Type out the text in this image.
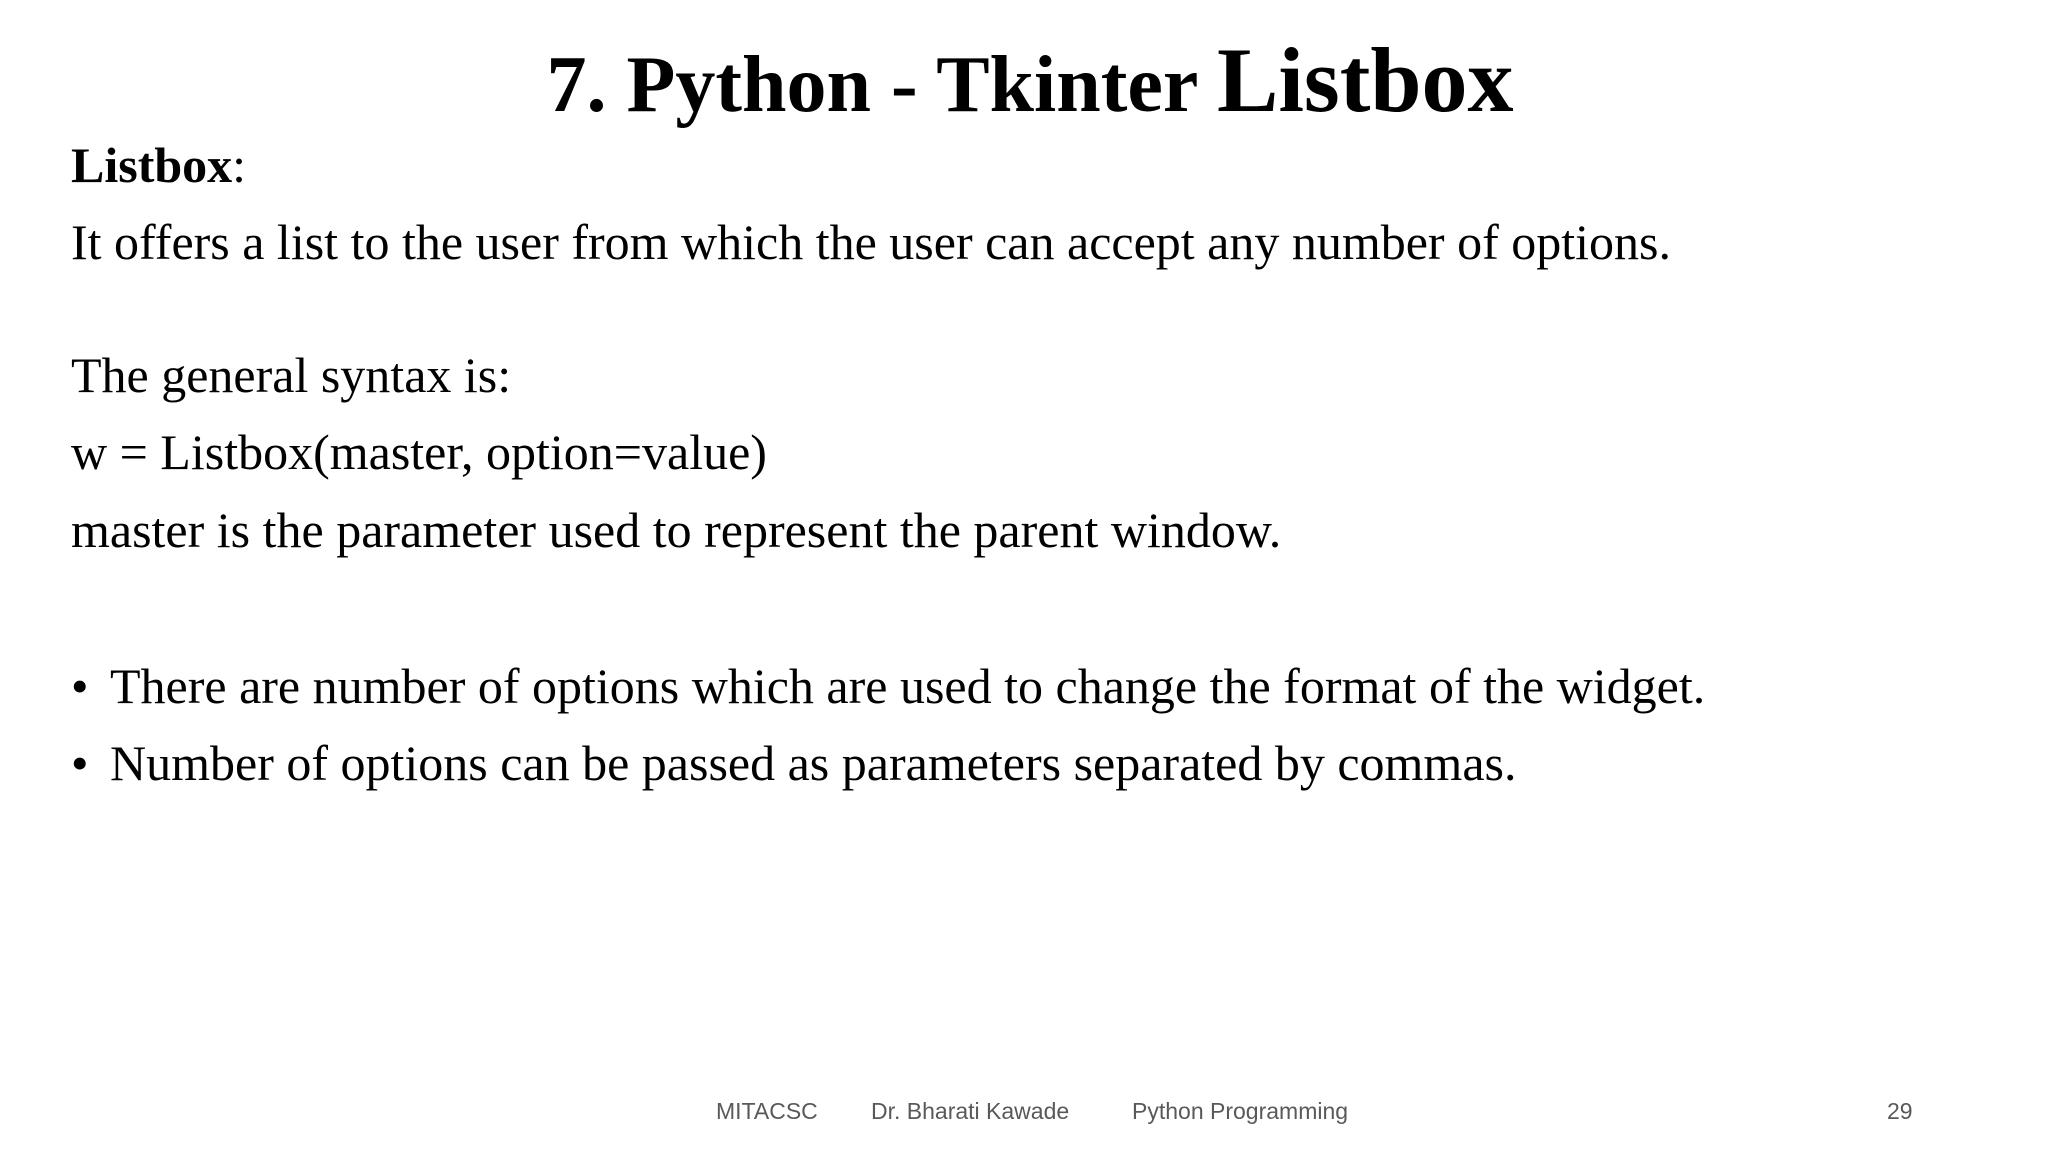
7. Python - Tkinter Listbox
Listbox:
It offers a list to the user from which the user can accept any number of options.
The general syntax is:
w = Listbox(master, option=value)
master is the parameter used to represent the parent window.
• There are number of options which are used to change the format of the widget.
• Number of options can be passed as parameters separated by commas.
MITACSC Dr. Bharati Kawade	Python Programming	29
